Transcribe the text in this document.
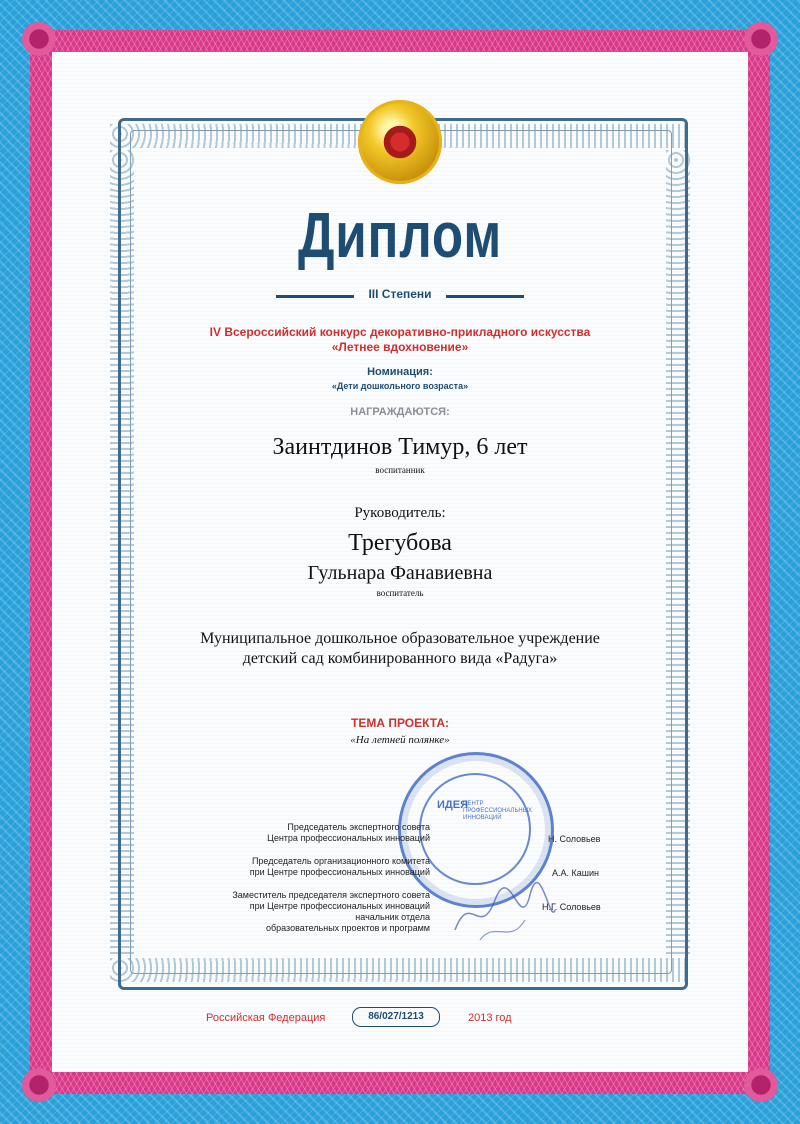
Диплом
III Степени
IV Всероссийский конкурс декоративно-прикладного искусства
«Летнее вдохновение»
Номинация:
«Дети дошкольного возраста»
НАГРАЖДАЮТСЯ:
Заинтдинов Тимур, 6 лет
воспитанник
Руководитель:
Трегубова
Гульнара Фанавиевна
воспитатель
Муниципальное дошкольное образовательное учреждение
детский сад комбинированного вида «Радуга»
ТЕМА ПРОЕКТА:
«На летней полянке»
ИДЕЯ
ЦЕНТР ПРОФЕССИОНАЛЬНЫХ ИННОВАЦИЙ
Председатель экспертного совета
Центра профессиональных инноваций	Н. Соловьев
Председатель организационного комитета
при Центре профессиональных инноваций	А.А. Кашин
Заместитель председателя экспертного совета
при Центре профессиональных инноваций
начальник отдела
образовательных проектов и программ
Н.Г. Соловьев
Российская Федерация	86/027/1213	2013 год
